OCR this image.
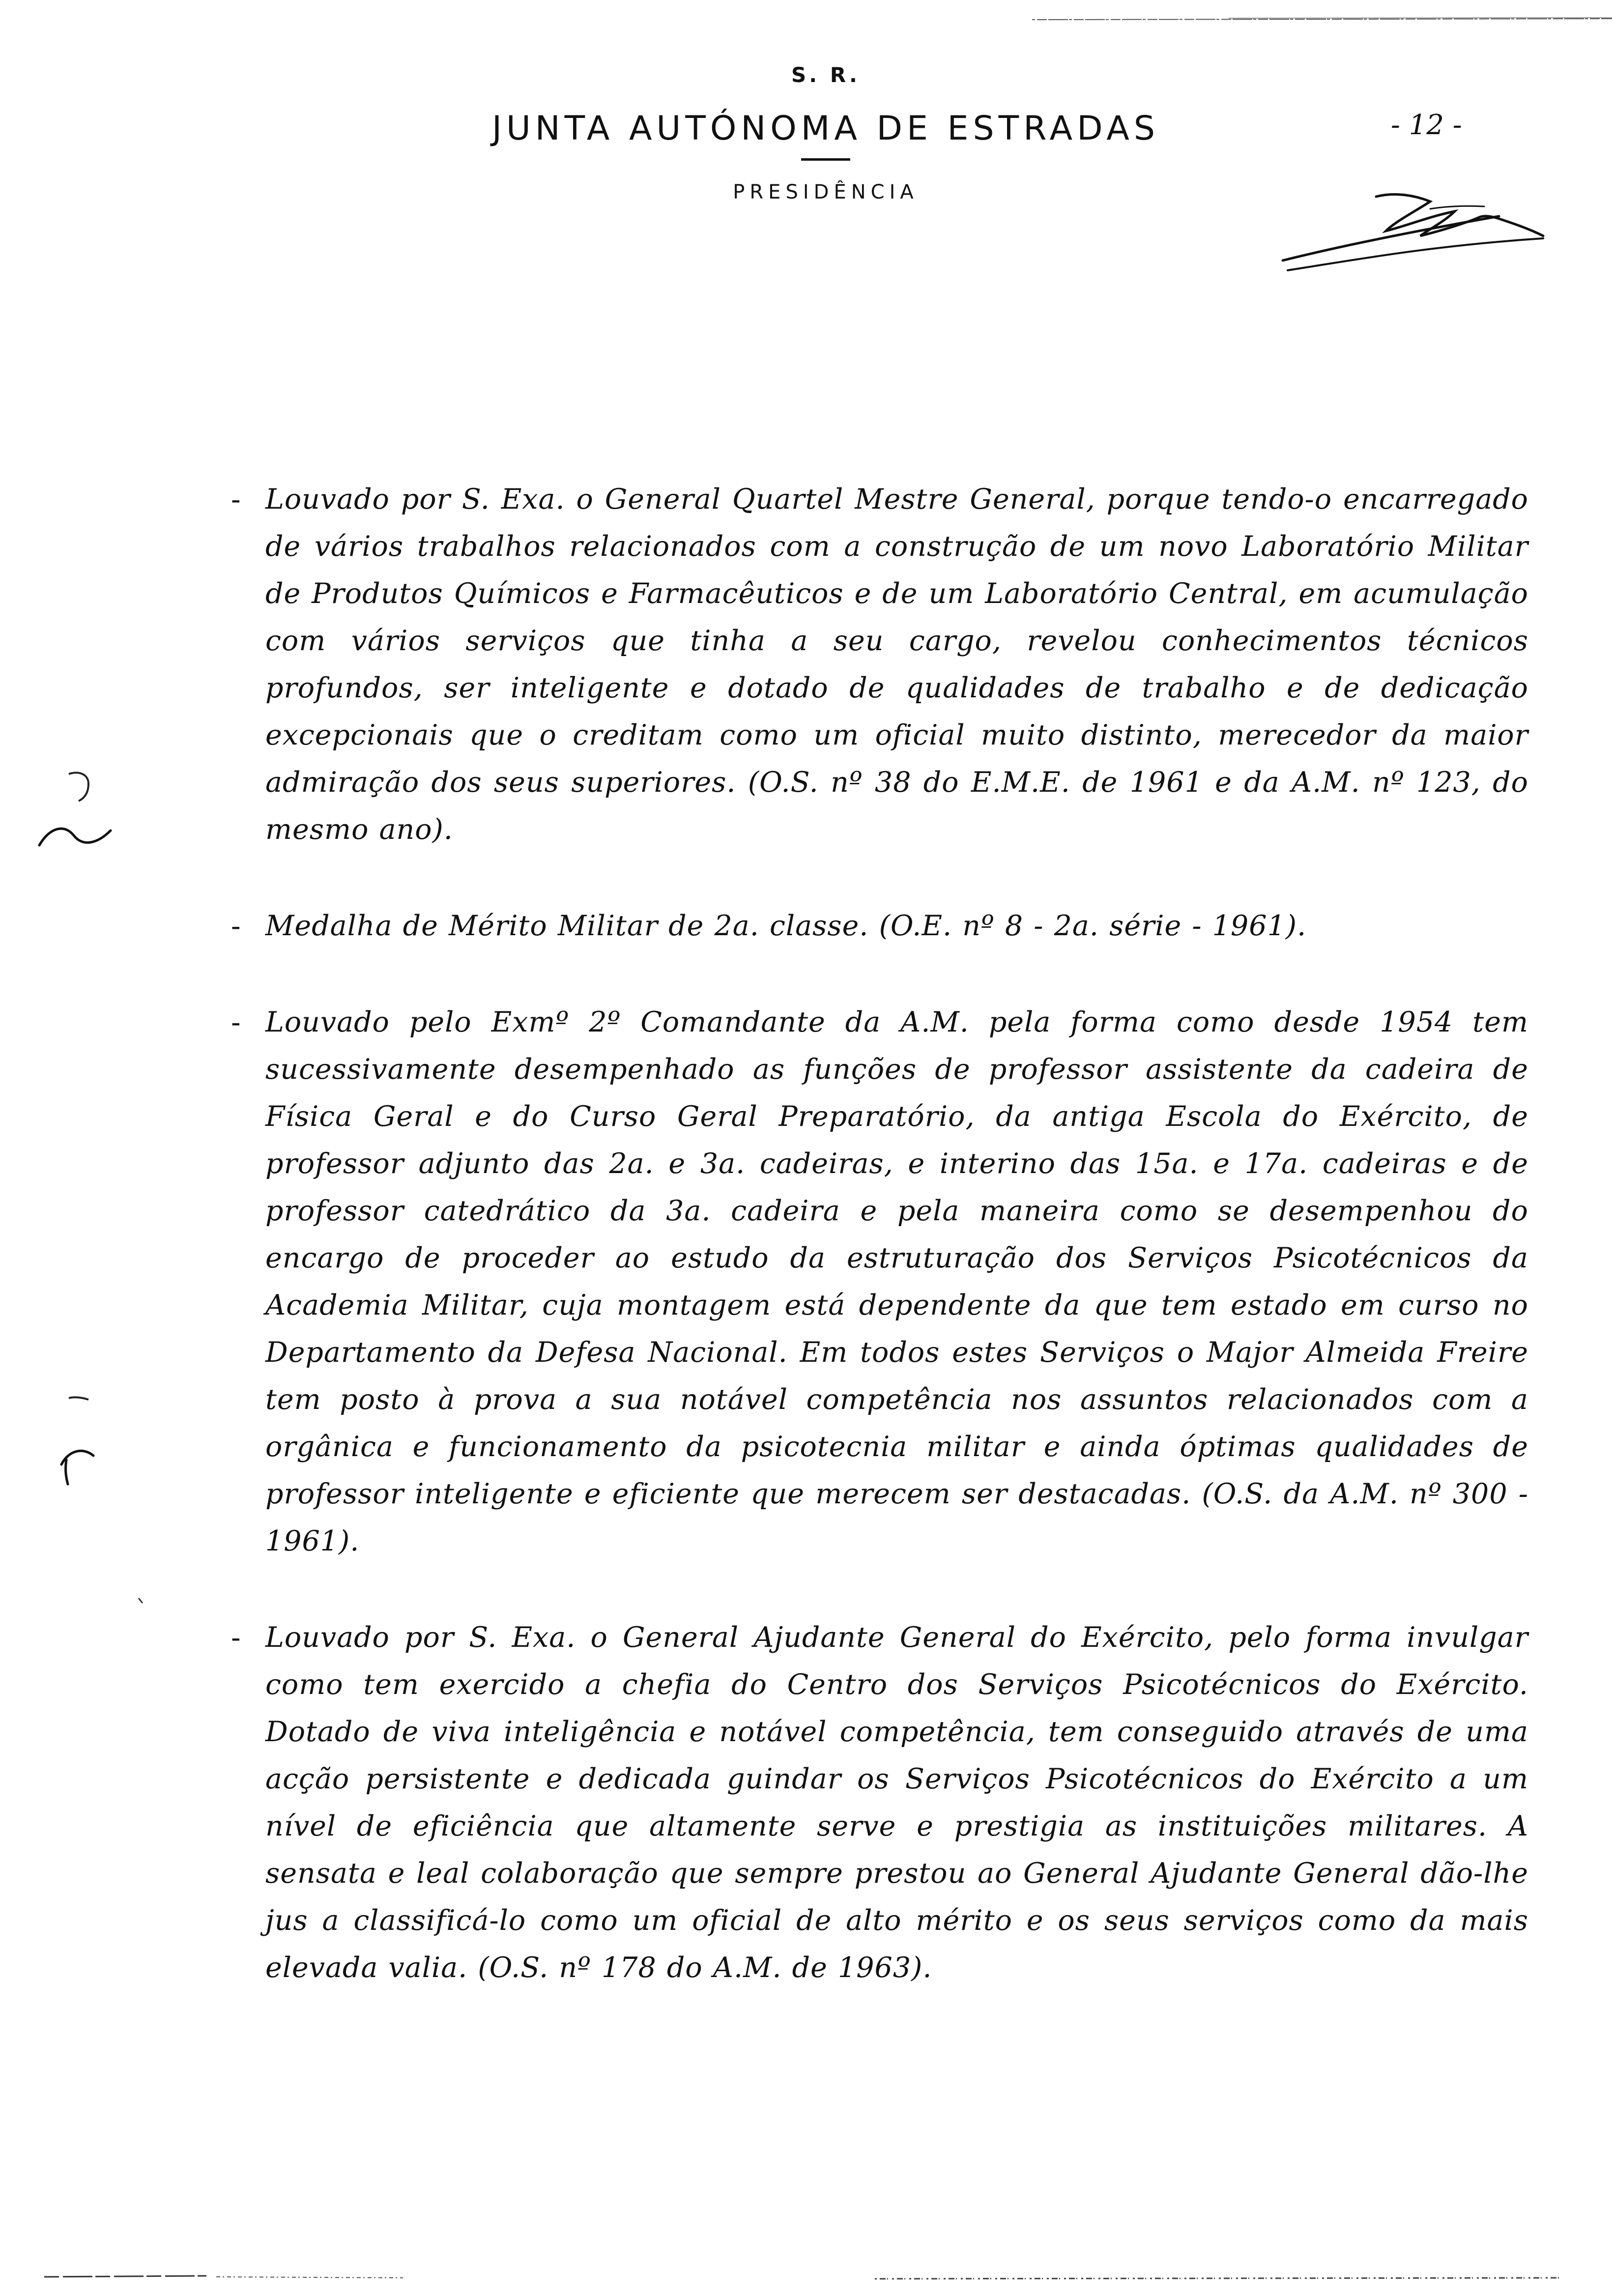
S. R.
JUNTA AUTÓNOMA DE ESTRADAS
PRESIDÊNCIA
- 12 -
- Louvado por S. Exa. o General Quartel Mestre General, porque tendo-o encarregado de vários trabalhos relacionados com a construção de um novo Laboratório Militar de Produtos Químicos e Farmacêuticos e de um Laboratório Central, em acumulação com vários serviços que tinha a seu cargo, revelou conhecimentos técnicos profundos, ser inteligente e dotado de qualidades de trabalho e de dedicação excepcionais que o creditam como um oficial muito distinto, merecedor da maior admiração dos seus superiores. (O.S. nº 38 do E.M.E. de 1961 e da A.M. nº 123, do mesmo ano).
- Medalha de Mérito Militar de 2a. classe. (O.E. nº 8 - 2a. série - 1961).
- Louvado pelo Exmº 2º Comandante da A.M. pela forma como desde 1954 tem sucessivamente desempenhado as funções de professor assistente da cadeira de Física Geral e do Curso Geral Preparatório, da antiga Escola do Exército, de professor adjunto das 2a. e 3a. cadeiras, e interino das 15a. e 17a. cadeiras e de professor catedrático da 3a. cadeira e pela maneira como se desempenhou do encargo de proceder ao estudo da estruturação dos Serviços Psicotécnicos da Academia Militar, cuja montagem está dependente da que tem estado em curso no Departamento da Defesa Nacional. Em todos estes Serviços o Major Almeida Freire tem posto à prova a sua notável competência nos assuntos relacionados com a orgânica e funcionamento da psicotecnia militar e ainda óptimas qualidades de professor inteligente e eficiente que merecem ser destacadas. (O.S. da A.M. nº 300 - 1961).
- Louvado por S. Exa. o General Ajudante General do Exército, pelo forma invulgar como tem exercido a chefia do Centro dos Serviços Psicotécnicos do Exército. Dotado de viva inteligência e notável competência, tem conseguido através de uma acção persistente e dedicada guindar os Serviços Psicotécnicos do Exército a um nível de eficiência que altamente serve e prestigia as instituições militares. A sensata e leal colaboração que sempre prestou ao General Ajudante General dão-lhe jus a classificá-lo como um oficial de alto mérito e os seus serviços como da mais elevada valia. (O.S. nº 178 do A.M. de 1963).
